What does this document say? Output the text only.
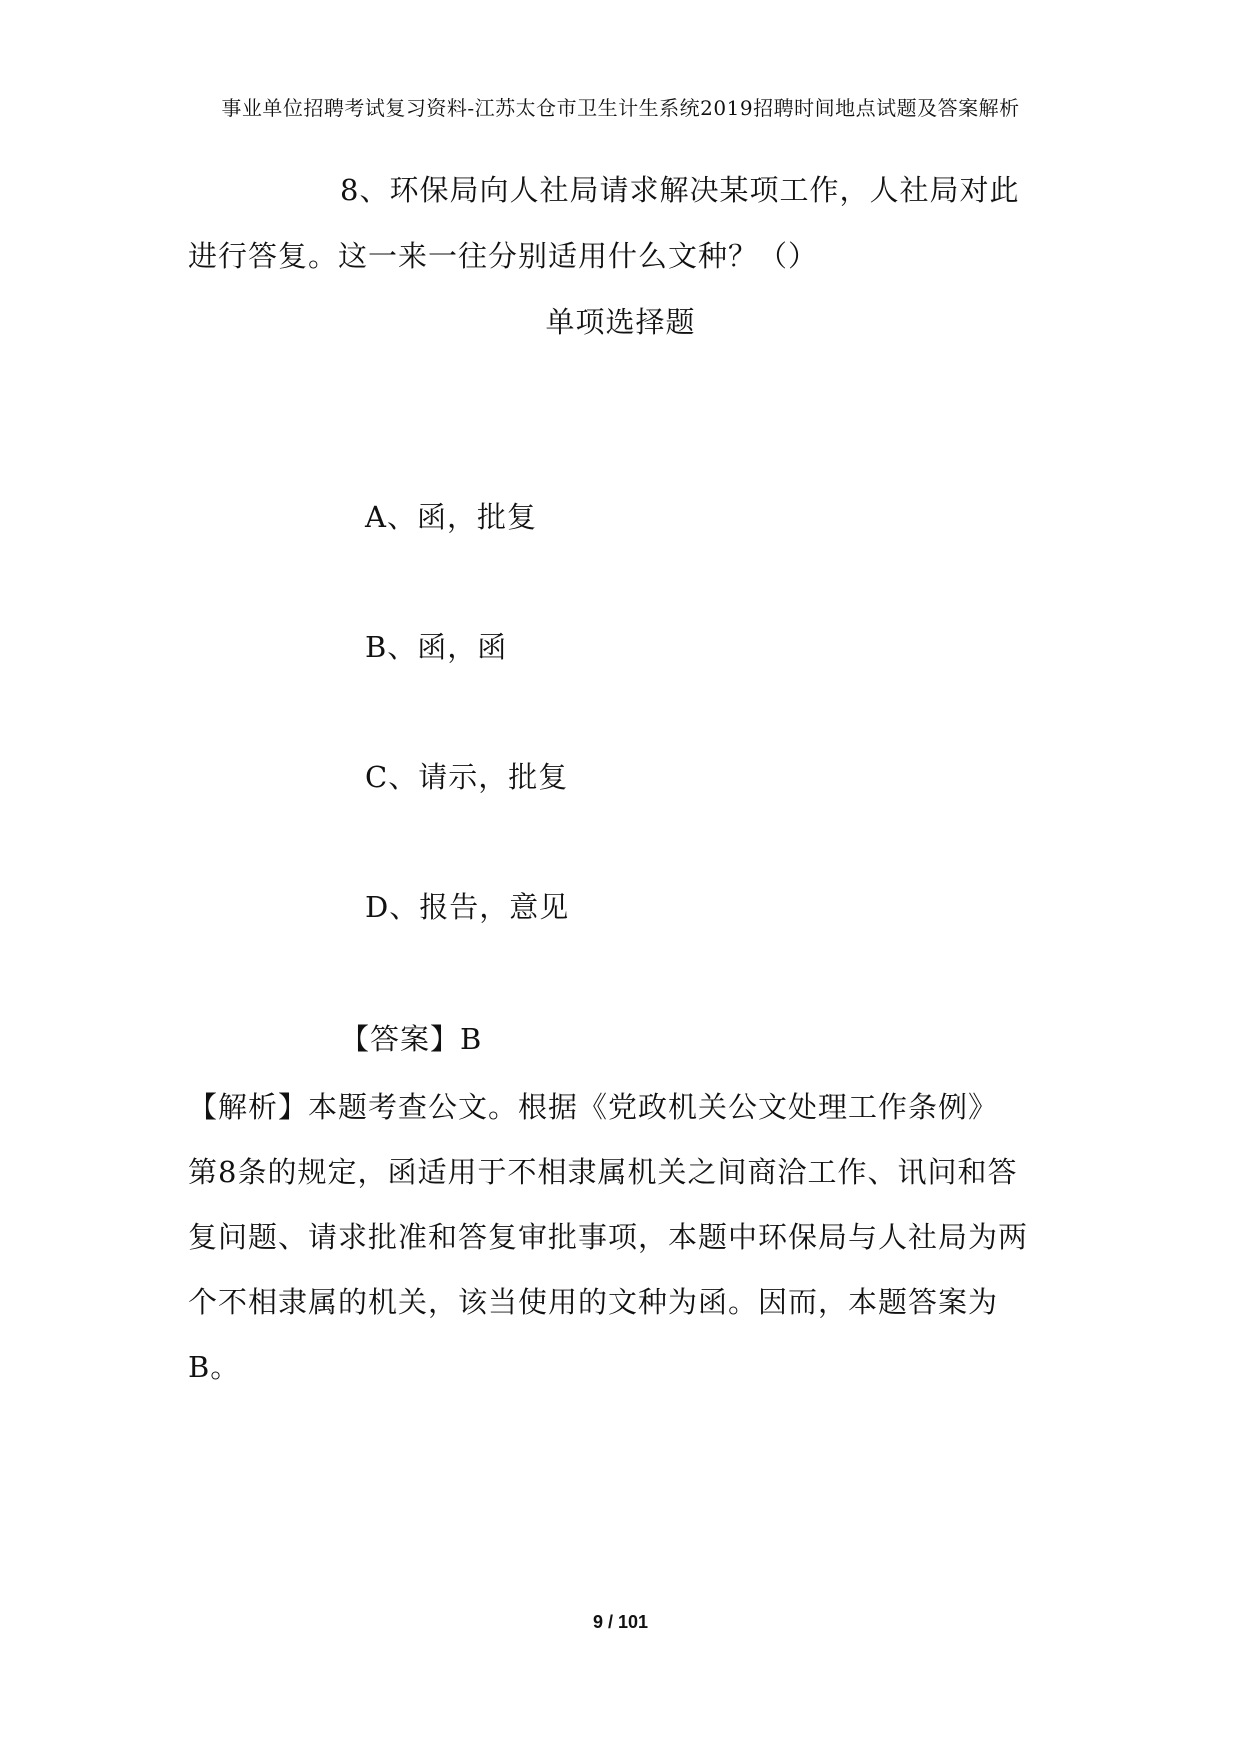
事业单位招聘考试复习资料-江苏太仓市卫生计生系统2019招聘时间地点试题及答案解析
8、环保局向人社局请求解决某项工作，人社局对此
进行答复。这一来一往分别适用什么文种？（）
单项选择题
A、函，批复
B、函，函
C、请示，批复
D、报告，意见
【答案】B
【解析】本题考查公文。根据《党政机关公文处理工作条例》
第8条的规定，函适用于不相隶属机关之间商洽工作、讯问和答
复问题、请求批准和答复审批事项，本题中环保局与人社局为两
个不相隶属的机关，该当使用的文种为函。因而，本题答案为
B。
9 / 101
